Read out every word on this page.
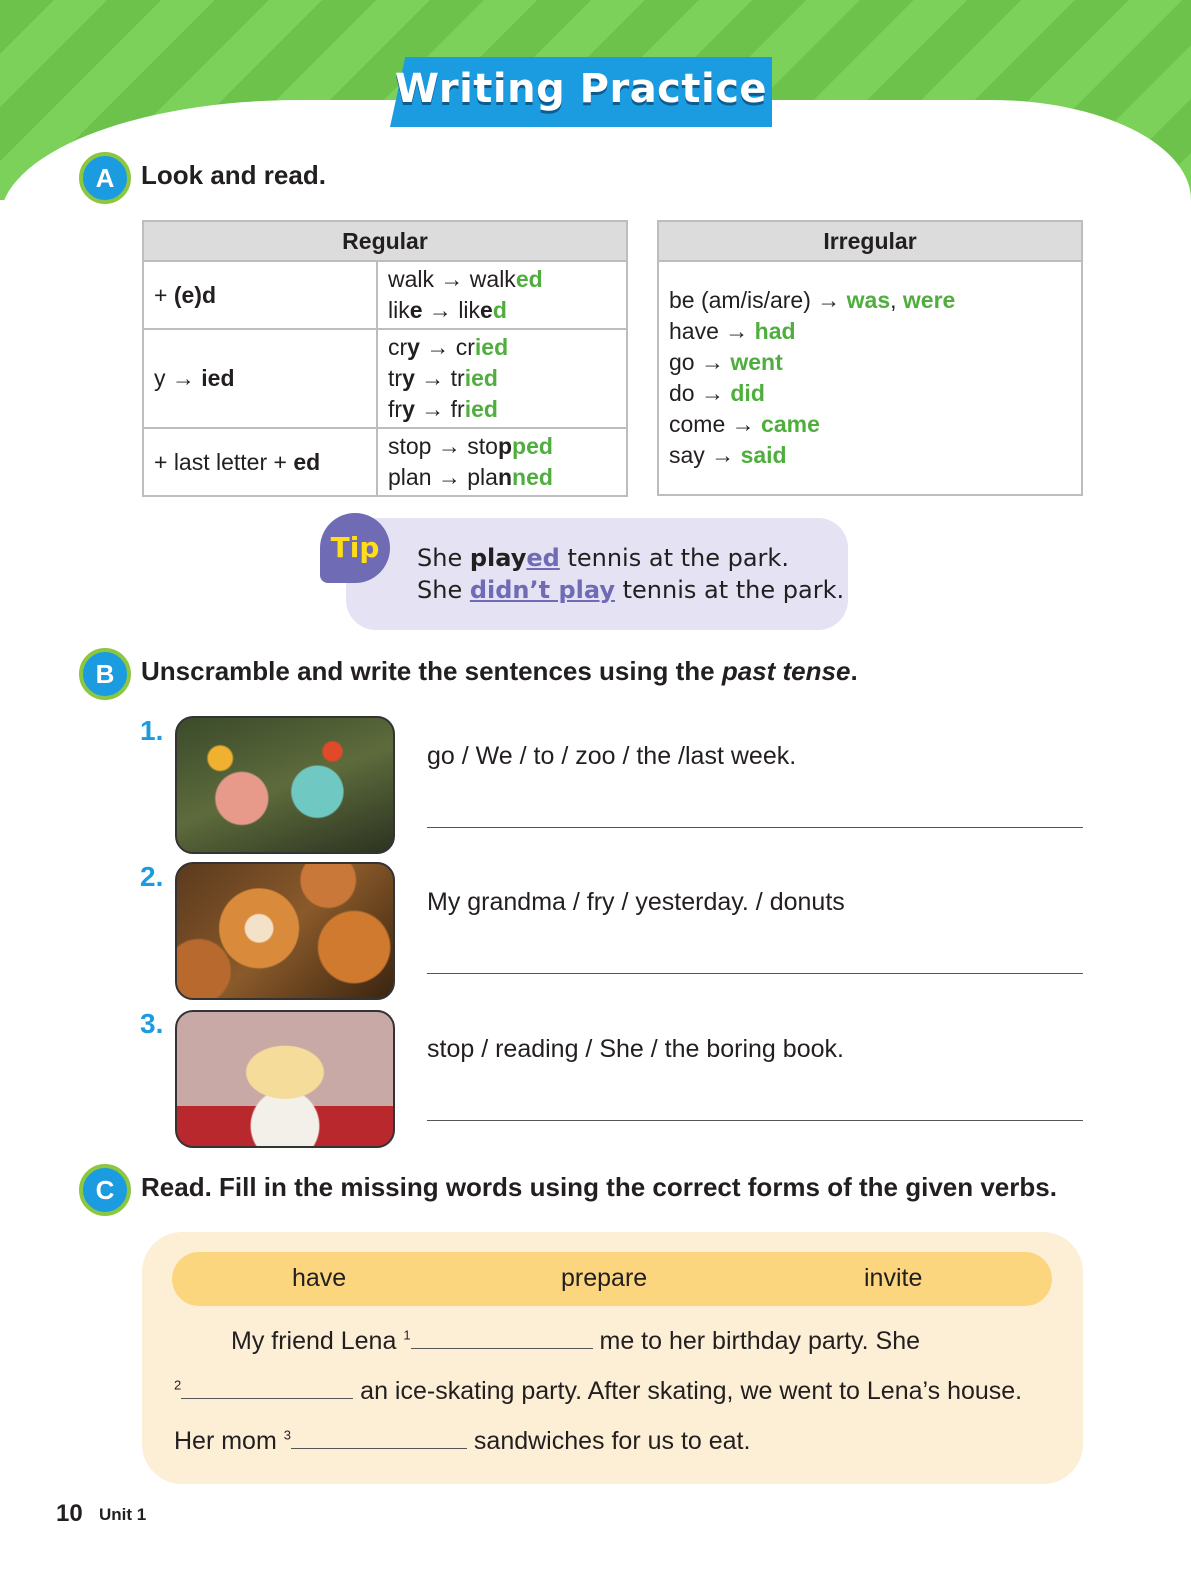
Writing Practice
A	Look and read.
Regular	
+ (e)d	walk → walked
like → liked

y → ied	cry → cried
try → tried
fry → fried

+ last letter + ed	stop → stopped
plan → planned
Irregular

be (am/is/are) → was, were
have → had
go → went
do → did
come → came
say → said
Tip	She played tennis at the park.
She didn’t play tennis at the park.
B	Unscramble and write the sentences using the past tense.
1.
go / We / to / zoo / the /last week.
2.
My grandma / fry / yesterday. / donuts
3.
stop / reading / She / the boring book.
C	Read. Fill in the missing words using the correct forms of the given verbs.
have	prepare	invite
My friend Lena $^1$	me to her birthday party. She
$^2$	an ice-skating party. After skating, we went to Lena’s house.
Her mom $^3$	sandwiches for us to eat.
10 Unit 1
